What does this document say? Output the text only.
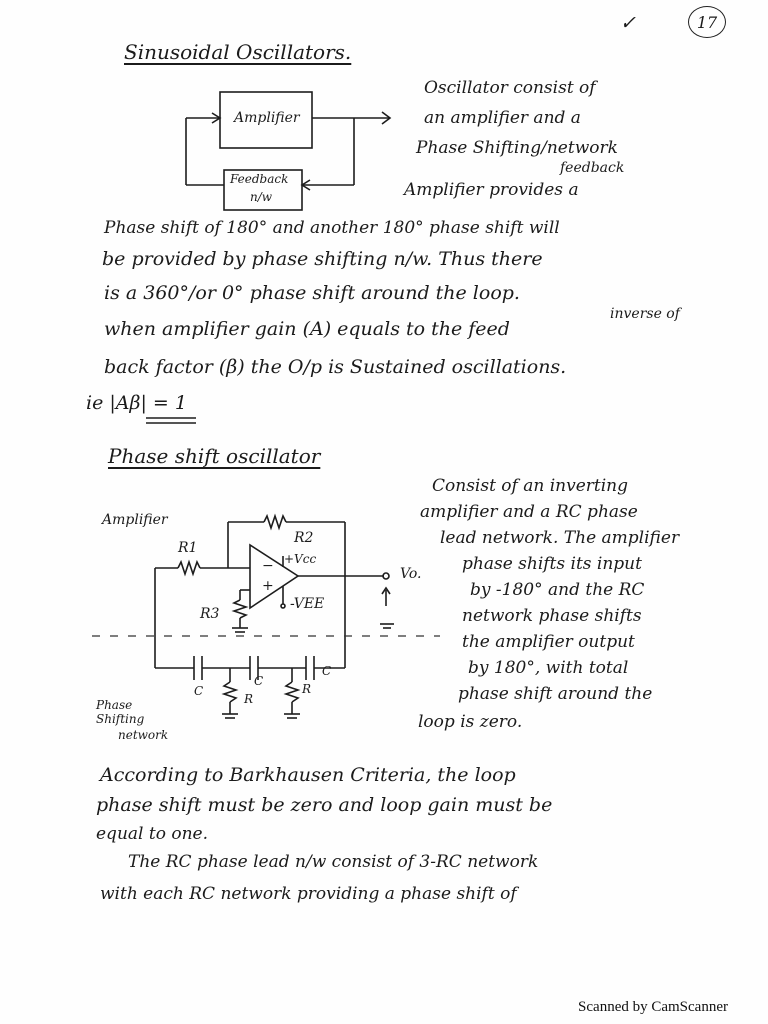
✓	17
Sinusoidal Oscillators.
Amplifier
Feedback
n/w
Oscillator consist of
an amplifier and a
Phase Shifting/network
feedback
Amplifier provides a
Phase shift of 180° and another 180° phase shift will
be provided by phase shifting n/w. Thus there
is a 360°/or 0° phase shift around the loop.
when amplifier gain (A) equals to the feed
inverse of
back factor (β) the O/p is Sustained oscillations.
ie |Aβ| = 1
Phase shift oscillator
Amplifier
R1
R2
+Vcc
−
+
R3
-VEE
Vo.
C
C
C
R
R
Phase
Shifting
network
Consist of an inverting
amplifier and a RC phase
lead network. The amplifier
phase shifts its input
by -180° and the RC
network phase shifts
the amplifier output
by 180°, with total
phase shift around the
loop is zero.
According to Barkhausen Criteria, the loop
phase shift must be zero and loop gain must be
equal to one.
The RC phase lead n/w consist of 3-RC network
with each RC network providing a phase shift of
Scanned by CamScanner
